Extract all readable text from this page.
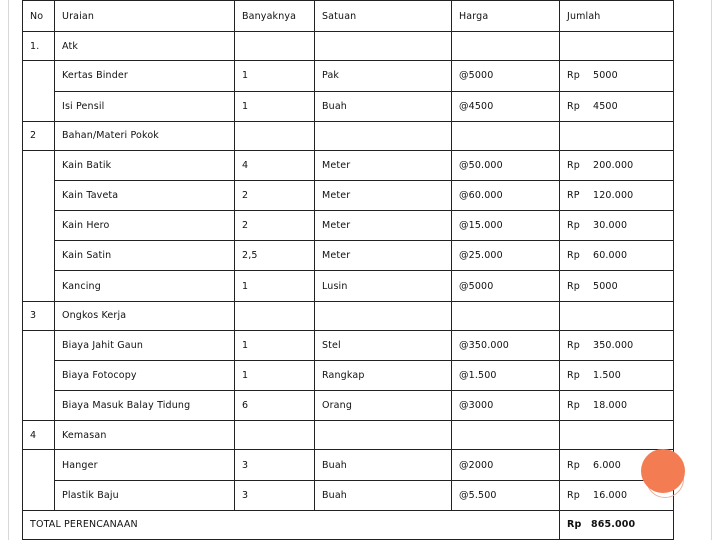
No	Uraian	Banyaknya	Satuan	Harga	Jumlah
1.	Atk				
	Kertas Binder	1	Pak	@5000	Rp 5000
	Isi Pensil	1	Buah	@4500	Rp 4500
2	Bahan/Materi Pokok				
	Kain Batik	4	Meter	@50.000	Rp 200.000
	Kain Taveta	2	Meter	@60.000	RP 120.000
	Kain Hero	2	Meter	@15.000	Rp 30.000
	Kain Satin	2,5	Meter	@25.000	Rp 60.000
	Kancing	1	Lusin	@5000	Rp 5000
3	Ongkos Kerja				
	Biaya Jahit Gaun	1	Stel	@350.000	Rp 350.000
	Biaya Fotocopy	1	Rangkap	@1.500	Rp 1.500
	Biaya Masuk Balay Tidung	6	Orang	@3000	Rp 18.000
4	Kemasan				
	Hanger	3	Buah	@2000	Rp 6.000
	Plastik Baju	3	Buah	@5.500	Rp 16.000
TOTAL PERENCANAAN					Rp 865.000
